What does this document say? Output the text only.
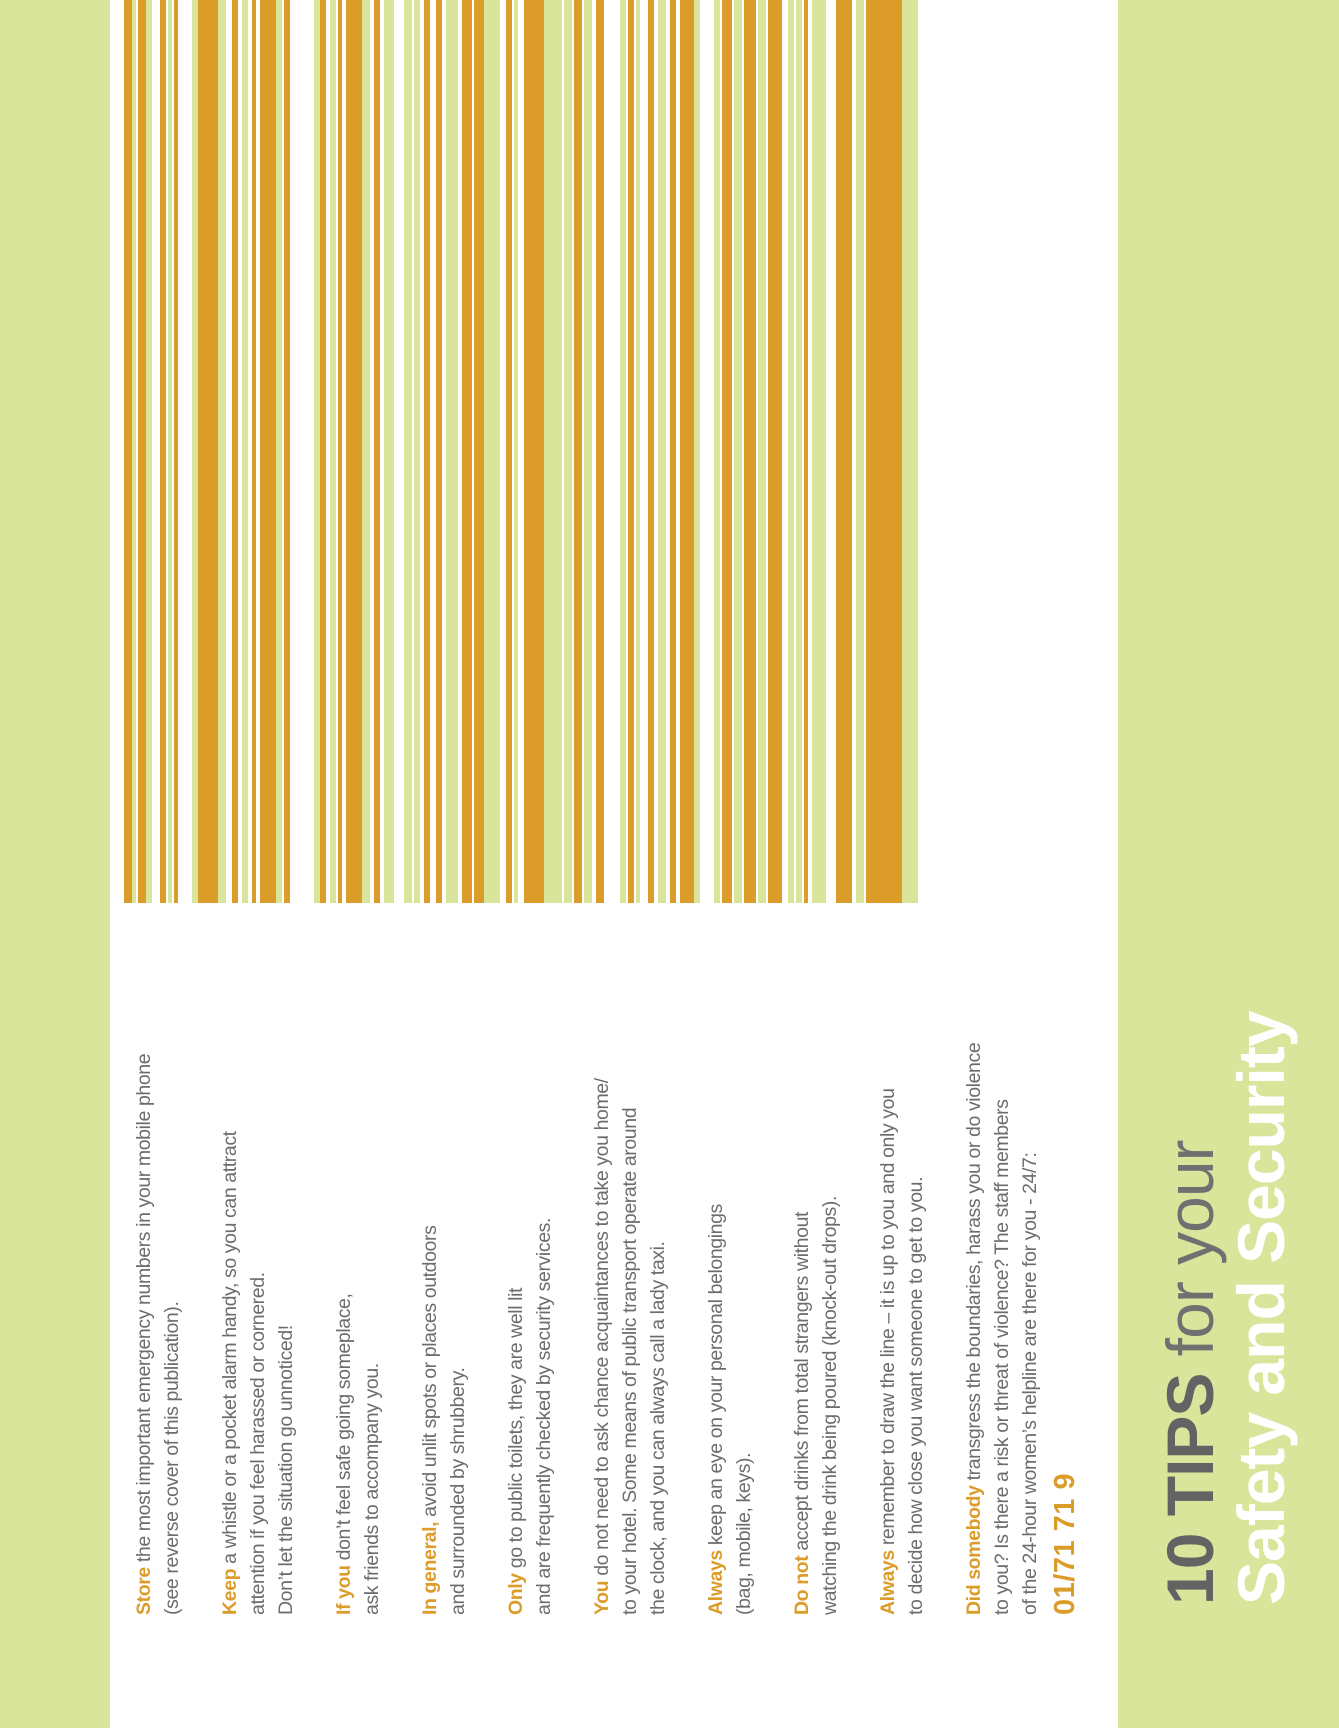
Store the most important emergency numbers in your mobile phone
(see reverse cover of this publication).
Keep a whistle or a pocket alarm handy, so you can attract
attention if you feel harassed or cornered.
Don’t let the situation go unnoticed!
If you don’t feel safe going someplace,
ask friends to accompany you.
In general, avoid unlit spots or places outdoors
and surrounded by shrubbery.
Only go to public toilets, they are well lit
and are frequently checked by security services.
You do not need to ask chance acquaintances to take you home/
to your hotel. Some means of public transport operate around
the clock, and you can always call a lady taxi.
Always keep an eye on your personal belongings
(bag, mobile, keys).
Do not accept drinks from total strangers without
watching the drink being poured (knock-out drops).
Always remember to draw the line – it is up to you and only you
to decide how close you want someone to get to you.
Did somebody transgress the boundaries, harass you or do violence
to you? Is there a risk or threat of violence? The staff members
of the 24-hour women’s helpline are there for you - 24/7:
01/71 71 9 10 TIPS for your
Safety and Security
